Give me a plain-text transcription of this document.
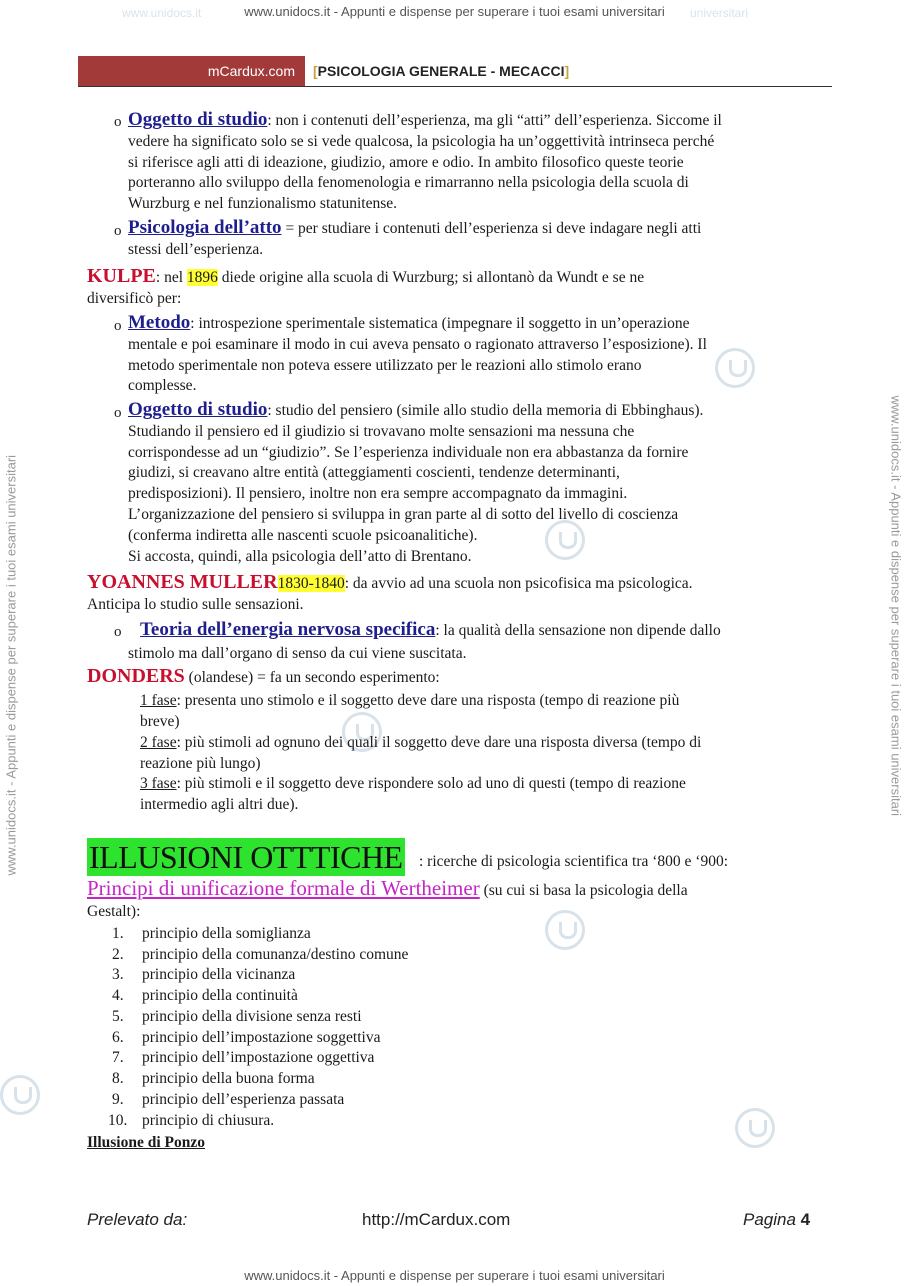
www.unidocs.it - Appunti e dispense per superare i tuoi esami universitari
www.unidocs.it - Appunti e dispense per superare i tuoi esami universitari
www.unidocs.it - Appunti e dispense per superare i tuoi esami universitari	www.unidocs.it - Appunti e dispense per superare i tuoi esami universitari
www.unidocs.it	universitari
mCardux.com	[PSICOLOGIA GENERALE - MECACCI]
o Oggetto di studio: non i contenuti dell’esperienza, ma gli “atti” dell’esperienza. Siccome il
vedere ha significato solo se si vede qualcosa, la psicologia ha un’oggettività intrinseca perché
si riferisce agli atti di ideazione, giudizio, amore e odio. In ambito filosofico queste teorie
porteranno allo sviluppo della fenomenologia e rimarranno nella psicologia della scuola di
Wurzburg e nel funzionalismo statunitense.
o Psicologia dell’atto = per studiare i contenuti dell’esperienza si deve indagare negli atti
stessi dell’esperienza.
KULPE: nel 1896 diede origine alla scuola di Wurzburg; si allontanò da Wundt e se ne
diversificò per:
o Metodo: introspezione sperimentale sistematica (impegnare il soggetto in un’operazione
mentale e poi esaminare il modo in cui aveva pensato o ragionato attraverso l’esposizione). Il
metodo sperimentale non poteva essere utilizzato per le reazioni allo stimolo erano
complesse.
o Oggetto di studio: studio del pensiero (simile allo studio della memoria di Ebbinghaus).
Studiando il pensiero ed il giudizio si trovavano molte sensazioni ma nessuna che
corrispondesse ad un “giudizio”. Se l’esperienza individuale non era abbastanza da fornire
giudizi, si creavano altre entità (atteggiamenti coscienti, tendenze determinanti,
predisposizioni). Il pensiero, inoltre non era sempre accompagnato da immagini.
L’organizzazione del pensiero si sviluppa in gran parte al di sotto del livello di coscienza
(conferma indiretta alle nascenti scuole psicoanalitiche).
Si accosta, quindi, alla psicologia dell’atto di Brentano.
YOANNES MULLER1830-1840: da avvio ad una scuola non psicofisica ma psicologica.
Anticipa lo studio sulle sensazioni.
o Teoria dell’energia nervosa specifica: la qualità della sensazione non dipende dallo
stimolo ma dall’organo di senso da cui viene suscitata.
DONDERS (olandese) = fa un secondo esperimento:
1 fase: presenta uno stimolo e il soggetto deve dare una risposta (tempo di reazione più
breve)
2 fase: più stimoli ad ognuno dei quali il soggetto deve dare una risposta diversa (tempo di
reazione più lungo)
3 fase: più stimoli e il soggetto deve rispondere solo ad uno di questi (tempo di reazione
intermedio agli altri due).
ILLUSIONI OTTTICHE : ricerche di psicologia scientifica tra ‘800 e ‘900:
Principi di unificazione formale di Wertheimer (su cui si basa la psicologia della
Gestalt):
1.	principio della somiglianza
2.	principio della comunanza/destino comune
3.	principio della vicinanza
4.	principio della continuità
5.	principio della divisione senza resti
6.	principio dell’impostazione soggettiva
7.	principio dell’impostazione oggettiva
8.	principio della buona forma
9.	principio dell’esperienza passata
10. principio di chiusura.
Illusione di Ponzo
Prelevato da:	http://mCardux.com	Pagina 4
